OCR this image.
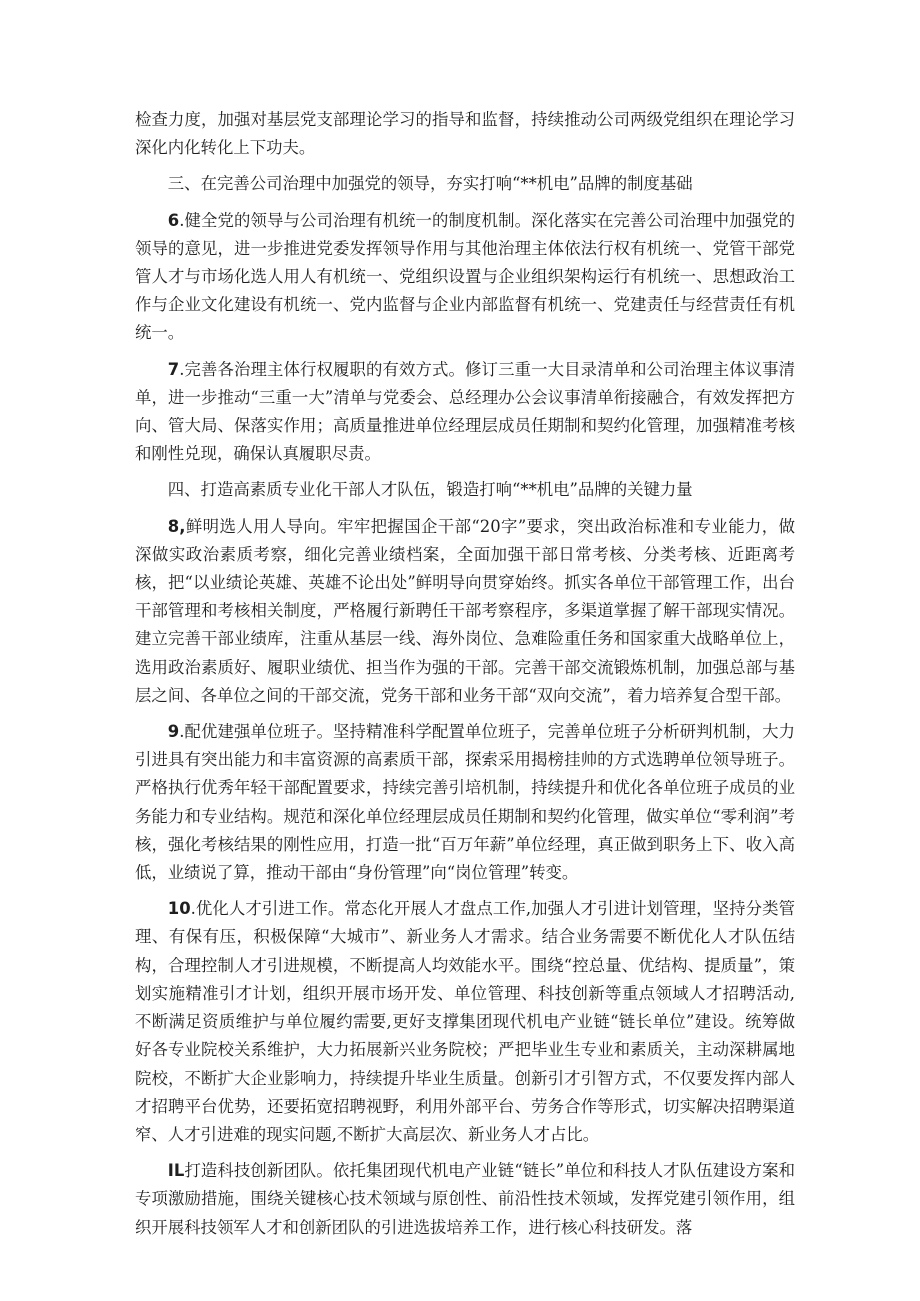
检查力度，加强对基层党支部理论学习的指导和监督，持续推动公司两级党组织在理论学习深化内化转化上下功夫。

三、在完善公司治理中加强党的领导，夯实打响“**机电”品牌的制度基础

6.健全党的领导与公司治理有机统一的制度机制。深化落实在完善公司治理中加强党的领导的意见，进一步推进党委发挥领导作用与其他治理主体依法行权有机统一、党管干部党管人才与市场化选人用人有机统一、党组织设置与企业组织架构运行有机统一、思想政治工作与企业文化建设有机统一、党内监督与企业内部监督有机统一、党建责任与经营责任有机统一。

7.完善各治理主体行权履职的有效方式。修订三重一大目录清单和公司治理主体议事清单，进一步推动“三重一大”清单与党委会、总经理办公会议事清单衔接融合，有效发挥把方向、管大局、保落实作用；高质量推进单位经理层成员任期制和契约化管理，加强精准考核和刚性兑现，确保认真履职尽责。

四、打造高素质专业化干部人才队伍，锻造打响“**机电”品牌的关键力量

8,鲜明选人用人导向。牢牢把握国企干部“20字”要求，突出政治标准和专业能力，做深做实政治素质考察，细化完善业绩档案，全面加强干部日常考核、分类考核、近距离考核，把“以业绩论英雄、英雄不论出处”鲜明导向贯穿始终。抓实各单位干部管理工作，出台干部管理和考核相关制度，严格履行新聘任干部考察程序，多渠道掌握了解干部现实情况。建立完善干部业绩库，注重从基层一线、海外岗位、急难险重任务和国家重大战略单位上，选用政治素质好、履职业绩优、担当作为强的干部。完善干部交流锻炼机制，加强总部与基层之间、各单位之间的干部交流，党务干部和业务干部“双向交流”，着力培养复合型干部。

9.配优建强单位班子。坚持精准科学配置单位班子，完善单位班子分析研判机制，大力引进具有突出能力和丰富资源的高素质干部，探索采用揭榜挂帅的方式选聘单位领导班子。严格执行优秀年轻干部配置要求，持续完善引培机制，持续提升和优化各单位班子成员的业务能力和专业结构。规范和深化单位经理层成员任期制和契约化管理，做实单位“零利润”考核，强化考核结果的刚性应用，打造一批“百万年薪”单位经理，真正做到职务上下、收入高低，业绩说了算，推动干部由“身份管理”向“岗位管理”转变。

10.优化人才引进工作。常态化开展人才盘点工作,加强人才引进计划管理，坚持分类管理、有保有压，积极保障“大城市”、新业务人才需求。结合业务需要不断优化人才队伍结构，合理控制人才引进规模，不断提高人均效能水平。围绕“控总量、优结构、提质量”，策划实施精准引才计划，组织开展市场开发、单位管理、科技创新等重点领域人才招聘活动,不断满足资质维护与单位履约需要,更好支撑集团现代机电产业链“链长单位”建设。统筹做好各专业院校关系维护，大力拓展新兴业务院校；严把毕业生专业和素质关，主动深耕属地院校，不断扩大企业影响力，持续提升毕业生质量。创新引才引智方式，不仅要发挥内部人才招聘平台优势，还要拓宽招聘视野，利用外部平台、劳务合作等形式，切实解决招聘渠道窄、人才引进难的现实问题,不断扩大高层次、新业务人才占比。

IL打造科技创新团队。依托集团现代机电产业链“链长”单位和科技人才队伍建设方案和专项激励措施，围绕关键核心技术领域与原创性、前沿性技术领域，发挥党建引领作用，组织开展科技领军人才和创新团队的引进选拔培养工作，进行核心科技研发。落
